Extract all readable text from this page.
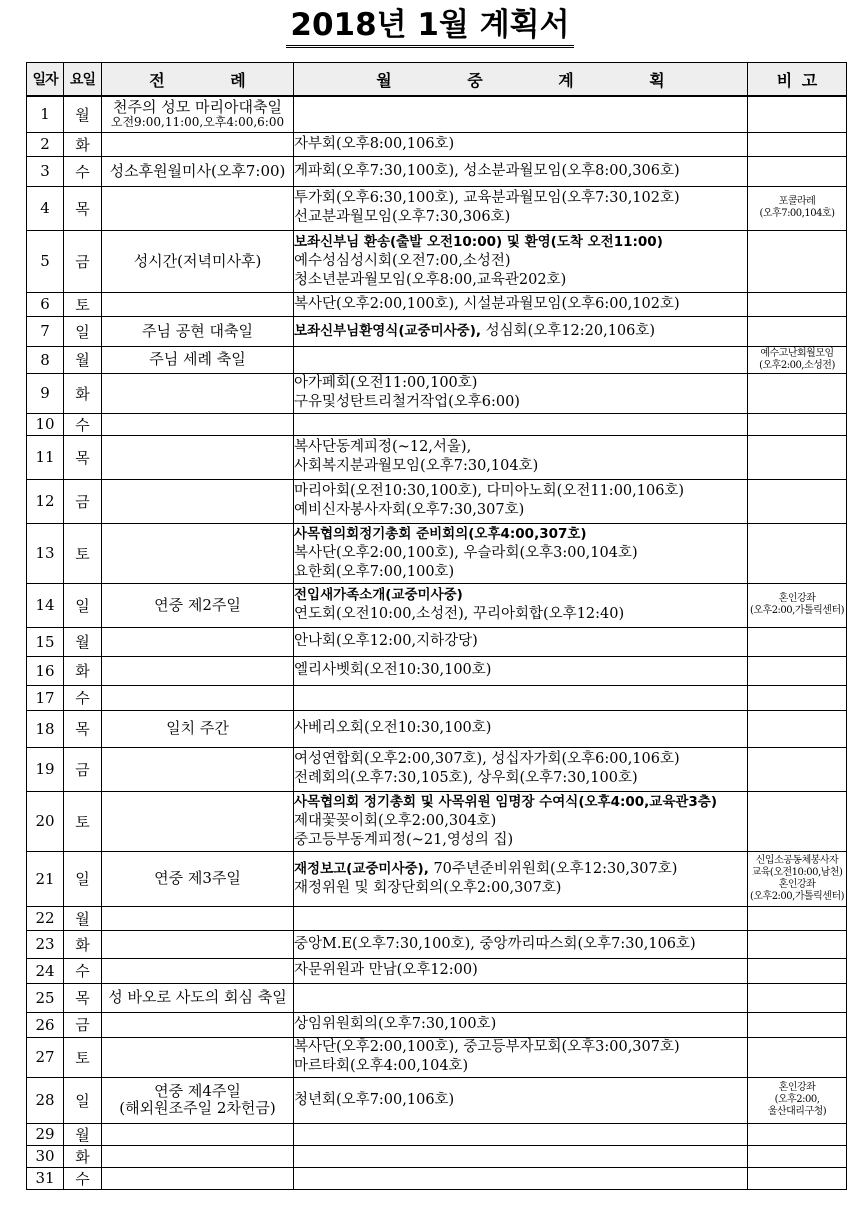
2018년 1월 계획서
일자	요일	전 례	월 중 계 획	비 고
1	월	천주의 성모 마리아대축일
오전9:00,11:00,오후4:00,6:00		

2	화		자부회(오후8:00,106호)	

3	수	성소후원월미사(오후7:00)	게파회(오후7:30,100호), 성소분과월모임(오후8:00,306호)	

4	목		투가회(오후6:30,100호), 교육분과월모임(오후7:30,102호)
선교분과월모임(오후7:30,306호)	포콜라레
(오후7:00,104호)

5	금	성시간(저녁미사후)	보좌신부님 환송(출발 오전10:00) 및 환영(도착 오전11:00)
예수성심성시회(오전7:00,소성전)
청소년분과월모임(오후8:00,교육관202호)	

6	토		복사단(오후2:00,100호), 시설분과월모임(오후6:00,102호)	

7	일	주님 공현 대축일	보좌신부님환영식(교중미사중), 성심회(오후12:20,106호)	

8	월	주님 세례 축일		예수고난회월모임
(오후2:00,소성전)

9	화		아가페회(오전11:00,100호)
구유및성탄트리철거작업(오후6:00)	

10	수			
11	목		복사단동계피정(~12,서울),
사회복지분과월모임(오후7:30,104호)	

12	금		마리아회(오전10:30,100호), 다미아노회(오전11:00,106호)
예비신자봉사자회(오후7:30,307호)	

13	토		사목협의회정기총회 준비회의(오후4:00,307호)
복사단(오후2:00,100호), 우슬라회(오후3:00,104호)
요한회(오후7:00,100호)	

14	일	연중 제2주일	전입새가족소개(교중미사중)
연도회(오전10:00,소성전), 꾸리아회합(오후12:40)	혼인강좌
(오후2:00,가톨릭센터)

15	월		안나회(오후12:00,지하강당)	

16	화		엘리사벳회(오전10:30,100호)	

17	수			
18	목	일치 주간	사베리오회(오전10:30,100호)	

19	금		여성연합회(오후2:00,307호), 성십자가회(오후6:00,106호)
전례회의(오후7:30,105호), 상우회(오후7:30,100호)	

20	토		사목협의회 정기총회 및 사목위원 임명장 수여식(오후4:00,교육관3층)
제대꽃꽂이회(오후2:00,304호)
중고등부동계피정(~21,영성의 집)	

21	일	연중 제3주일	재정보고(교중미사중), 70주년준비위원회(오후12:30,307호)
재정위원 및 회장단회의(오후2:00,307호)	신입소공동체봉사자
교육(오전10:00,남천)
혼인강좌
(오후2:00,가톨릭센터)

22	월			
23	화		중앙M.E(오후7:30,100호), 중앙까리따스회(오후7:30,106호)	

24	수		자문위원과 만남(오후12:00)	

25	목	성 바오로 사도의 회심 축일		

26	금		상임위원회의(오후7:30,100호)	

27	토		복사단(오후2:00,100호), 중고등부자모회(오후3:00,307호)
마르타회(오후4:00,104호)	

28	일	연중 제4주일
(해외원조주일 2차헌금)	청년회(오후7:00,106호)	혼인강좌
(오후2:00,
울산대리구청)

29	월			
30	화			
31	수			
